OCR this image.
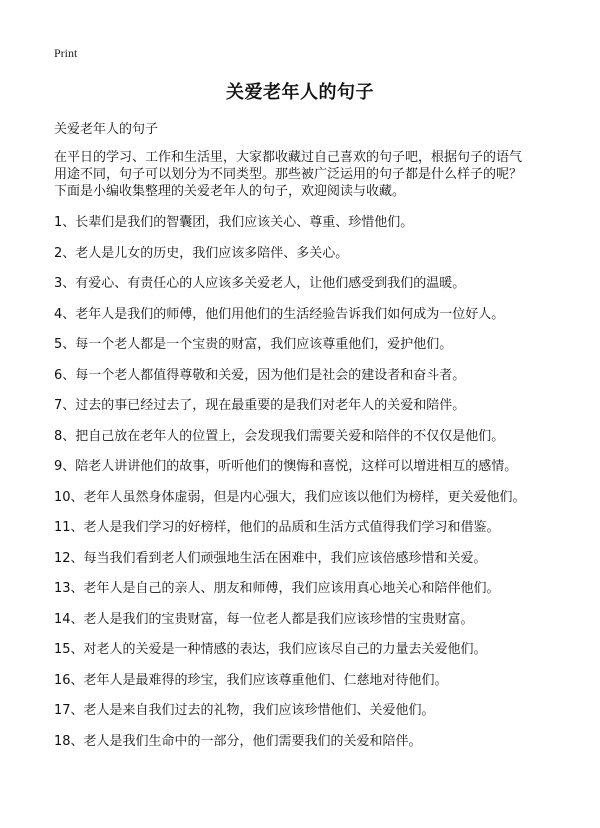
Print
关爱老年人的句子
关爱老年人的句子
在平日的学习、工作和生活里，大家都收藏过自己喜欢的句子吧，根据句子的语气
用途不同，句子可以划分为不同类型。那些被广泛运用的句子都是什么样子的呢？
下面是小编收集整理的关爱老年人的句子，欢迎阅读与收藏。
1、长辈们是我们的智囊团，我们应该关心、尊重、珍惜他们。
2、老人是儿女的历史，我们应该多陪伴、多关心。
3、有爱心、有责任心的人应该多关爱老人，让他们感受到我们的温暖。
4、老年人是我们的师傅，他们用他们的生活经验告诉我们如何成为一位好人。
5、每一个老人都是一个宝贵的财富，我们应该尊重他们，爱护他们。
6、每一个老人都值得尊敬和关爱，因为他们是社会的建设者和奋斗者。
7、过去的事已经过去了，现在最重要的是我们对老年人的关爱和陪伴。
8、把自己放在老年人的位置上，会发现我们需要关爱和陪伴的不仅仅是他们。
9、陪老人讲讲他们的故事，听听他们的懊悔和喜悦，这样可以增进相互的感情。
10、老年人虽然身体虚弱，但是内心强大，我们应该以他们为榜样，更关爱他们。
11、老人是我们学习的好榜样，他们的品质和生活方式值得我们学习和借鉴。
12、每当我们看到老人们顽强地生活在困难中，我们应该倍感珍惜和关爱。
13、老年人是自己的亲人、朋友和师傅，我们应该用真心地关心和陪伴他们。
14、老人是我们的宝贵财富，每一位老人都是我们应该珍惜的宝贵财富。
15、对老人的关爱是一种情感的表达，我们应该尽自己的力量去关爱他们。
16、老年人是最难得的珍宝，我们应该尊重他们、仁慈地对待他们。
17、老人是来自我们过去的礼物，我们应该珍惜他们、关爱他们。
18、老人是我们生命中的一部分，他们需要我们的关爱和陪伴。
